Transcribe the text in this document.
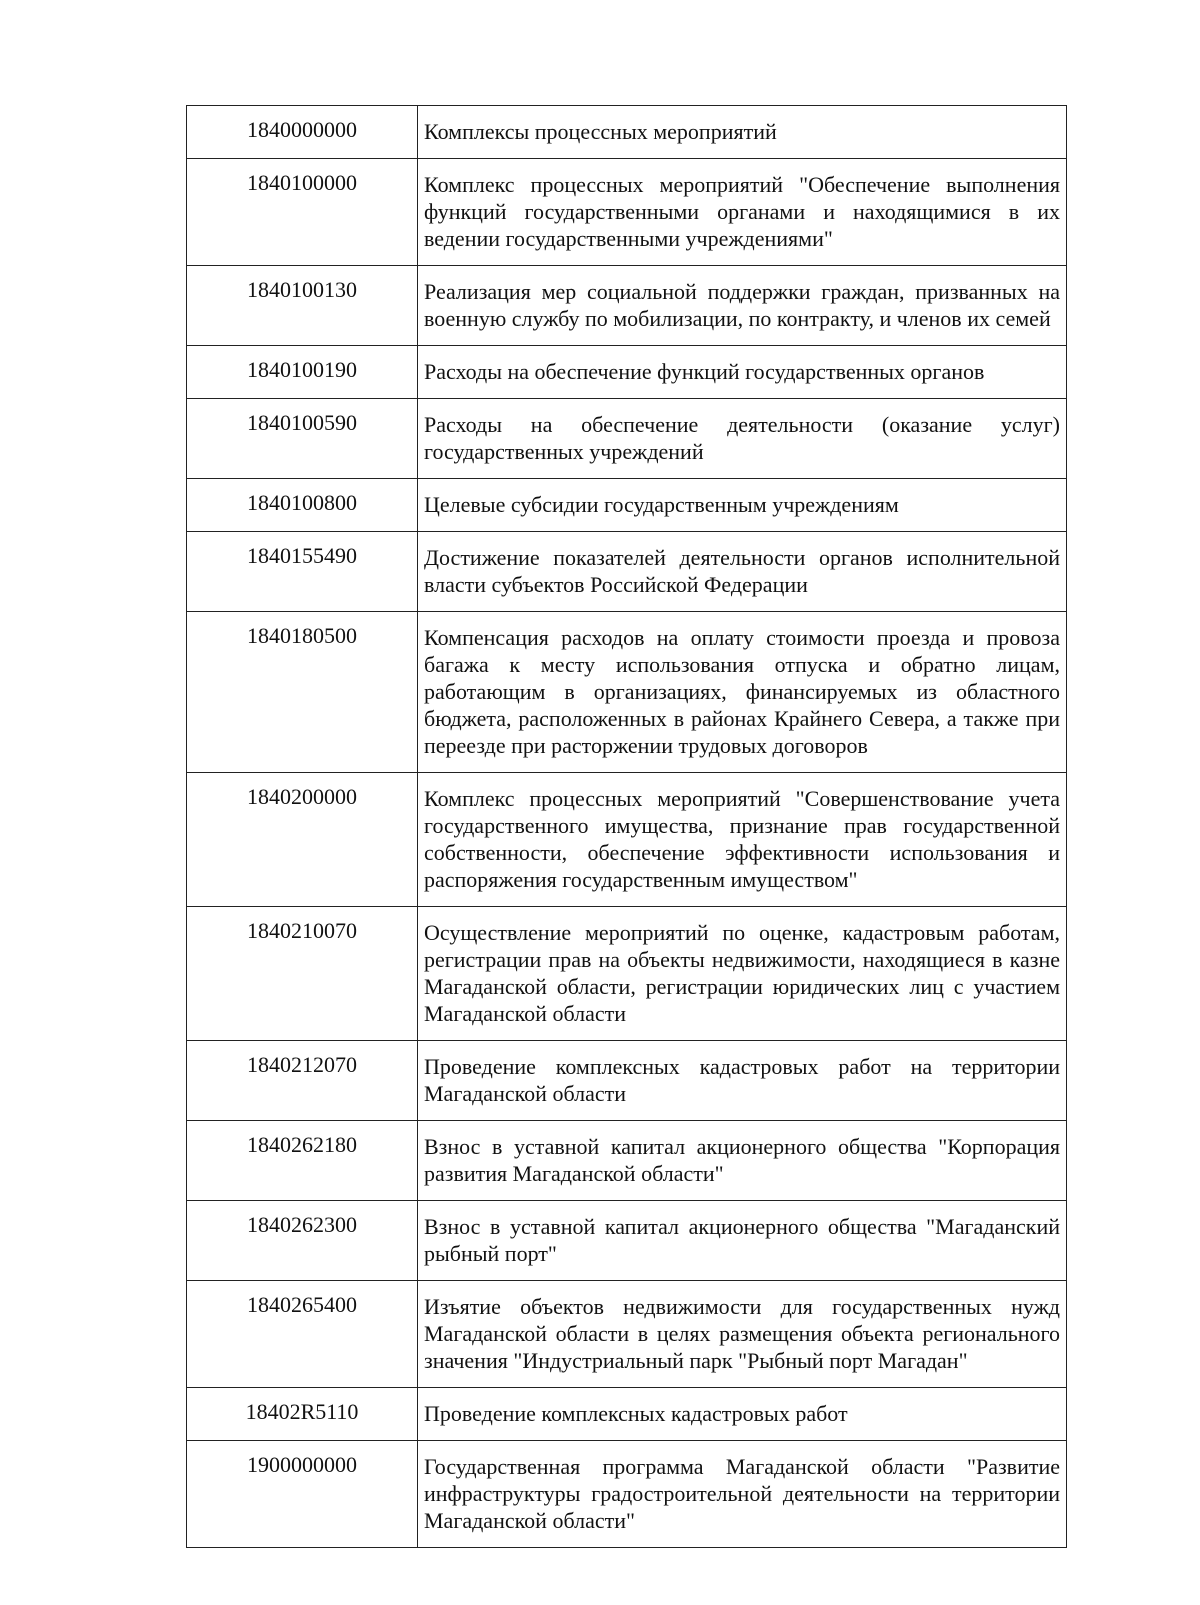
1840000000	Комплексы процессных мероприятий
1840100000	Комплекс процессных мероприятий "Обеспечение выполнения функций государственными органами и находящимися в их ведении государственными учреждениями"
1840100130	Реализация мер социальной поддержки граждан, призванных на военную службу по мобилизации, по контракту, и членов их семей
1840100190	Расходы на обеспечение функций государственных органов
1840100590	Расходы на обеспечение деятельности (оказание услуг) государственных учреждений
1840100800	Целевые субсидии государственным учреждениям
1840155490	Достижение показателей деятельности органов исполнительной власти субъектов Российской Федерации
1840180500	Компенсация расходов на оплату стоимости проезда и провоза багажа к месту использования отпуска и обратно лицам, работающим в организациях, финансируемых из областного бюджета, расположенных в районах Крайнего Севера, а также при переезде при расторжении трудовых договоров
1840200000	Комплекс процессных мероприятий "Совершенствование учета государственного имущества, признание прав государственной собственности, обеспечение эффективности использования и распоряжения государственным имуществом"
1840210070	Осуществление мероприятий по оценке, кадастровым работам, регистрации прав на объекты недвижимости, находящиеся в казне Магаданской области, регистрации юридических лиц с участием Магаданской области
1840212070	Проведение комплексных кадастровых работ на территории Магаданской области
1840262180	Взнос в уставной капитал акционерного общества "Корпорация развития Магаданской области"
1840262300	Взнос в уставной капитал акционерного общества "Магаданский рыбный порт"
1840265400	Изъятие объектов недвижимости для государственных нужд Магаданской области в целях размещения объекта регионального значения "Индустриальный парк "Рыбный порт Магадан"
18402R5110	Проведение комплексных кадастровых работ
1900000000	Государственная программа Магаданской области "Развитие инфраструктуры градостроительной деятельности на территории Магаданской области"
